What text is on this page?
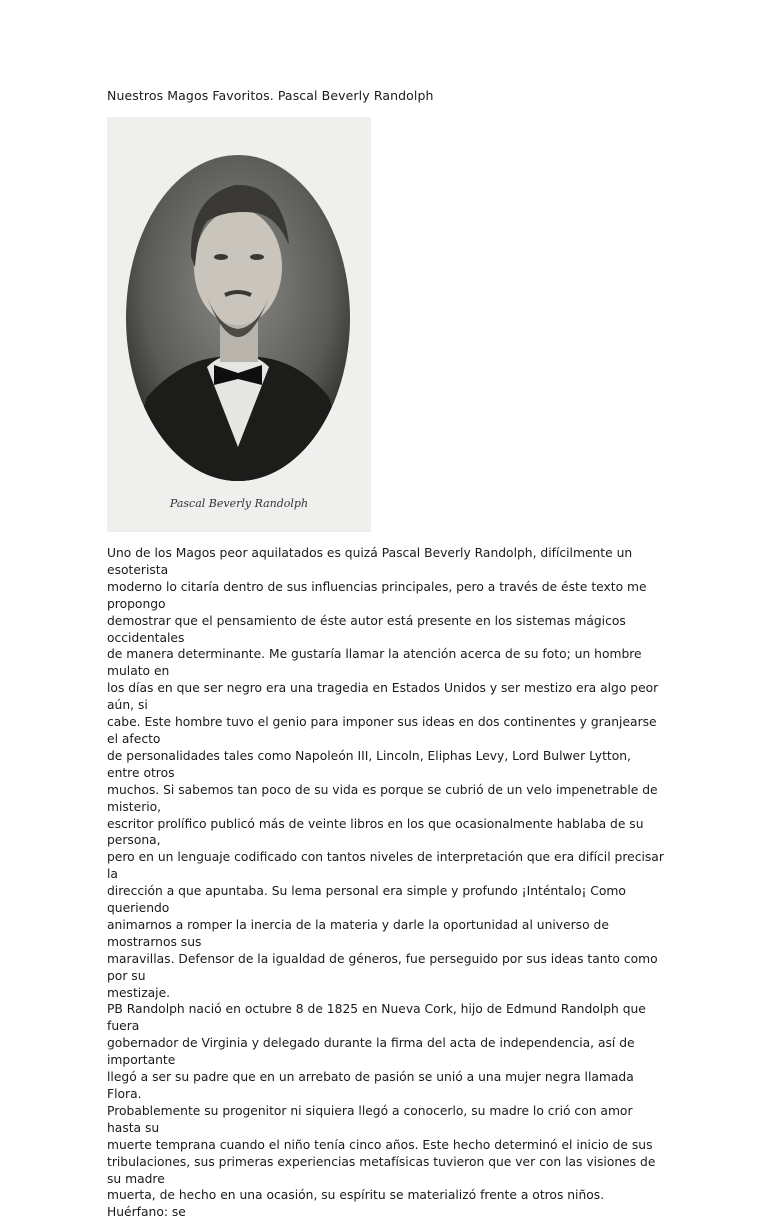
Nuestros Magos Favoritos. Pascal Beverly Randolph
Pascal Beverly Randolph

Uno de los Magos peor aquilatados es quizá Pascal Beverly Randolph, difícilmente un esoterista
moderno lo citaría dentro de sus influencias principales, pero a través de éste texto me propongo
demostrar que el pensamiento de éste autor está presente en los sistemas mágicos occidentales
de manera determinante. Me gustaría llamar la atención acerca de su foto; un hombre mulato en
los días en que ser negro era una tragedia en Estados Unidos y ser mestizo era algo peor aún, si
cabe. Este hombre tuvo el genio para imponer sus ideas en dos continentes y granjearse el afecto
de personalidades tales como Napoleón III, Lincoln, Eliphas Levy, Lord Bulwer Lytton, entre otros
muchos. Si sabemos tan poco de su vida es porque se cubrió de un velo impenetrable de misterio,
escritor prolífico publicó más de veinte libros en los que ocasionalmente hablaba de su persona,
pero en un lenguaje codificado con tantos niveles de interpretación que era difícil precisar la
dirección a que apuntaba. Su lema personal era simple y profundo ¡Inténtalo¡ Como queriendo
animarnos a romper la inercia de la materia y darle la oportunidad al universo de mostrarnos sus
maravillas. Defensor de la igualdad de géneros, fue perseguido por sus ideas tanto como por su
mestizaje.

PB Randolph nació en octubre 8 de 1825 en Nueva Cork, hijo de Edmund Randolph que fuera
gobernador de Virginia y delegado durante la firma del acta de independencia, así de importante
llegó a ser su padre que en un arrebato de pasión se unió a una mujer negra llamada Flora.
Probablemente su progenitor ni siquiera llegó a conocerlo, su madre lo crió con amor hasta su
muerte temprana cuando el niño tenía cinco años. Este hecho determinó el inicio de sus
tribulaciones, sus primeras experiencias metafísicas tuvieron que ver con las visiones de su madre
muerta, de hecho en una ocasión, su espíritu se materializó frente a otros niños. Huérfano: se
